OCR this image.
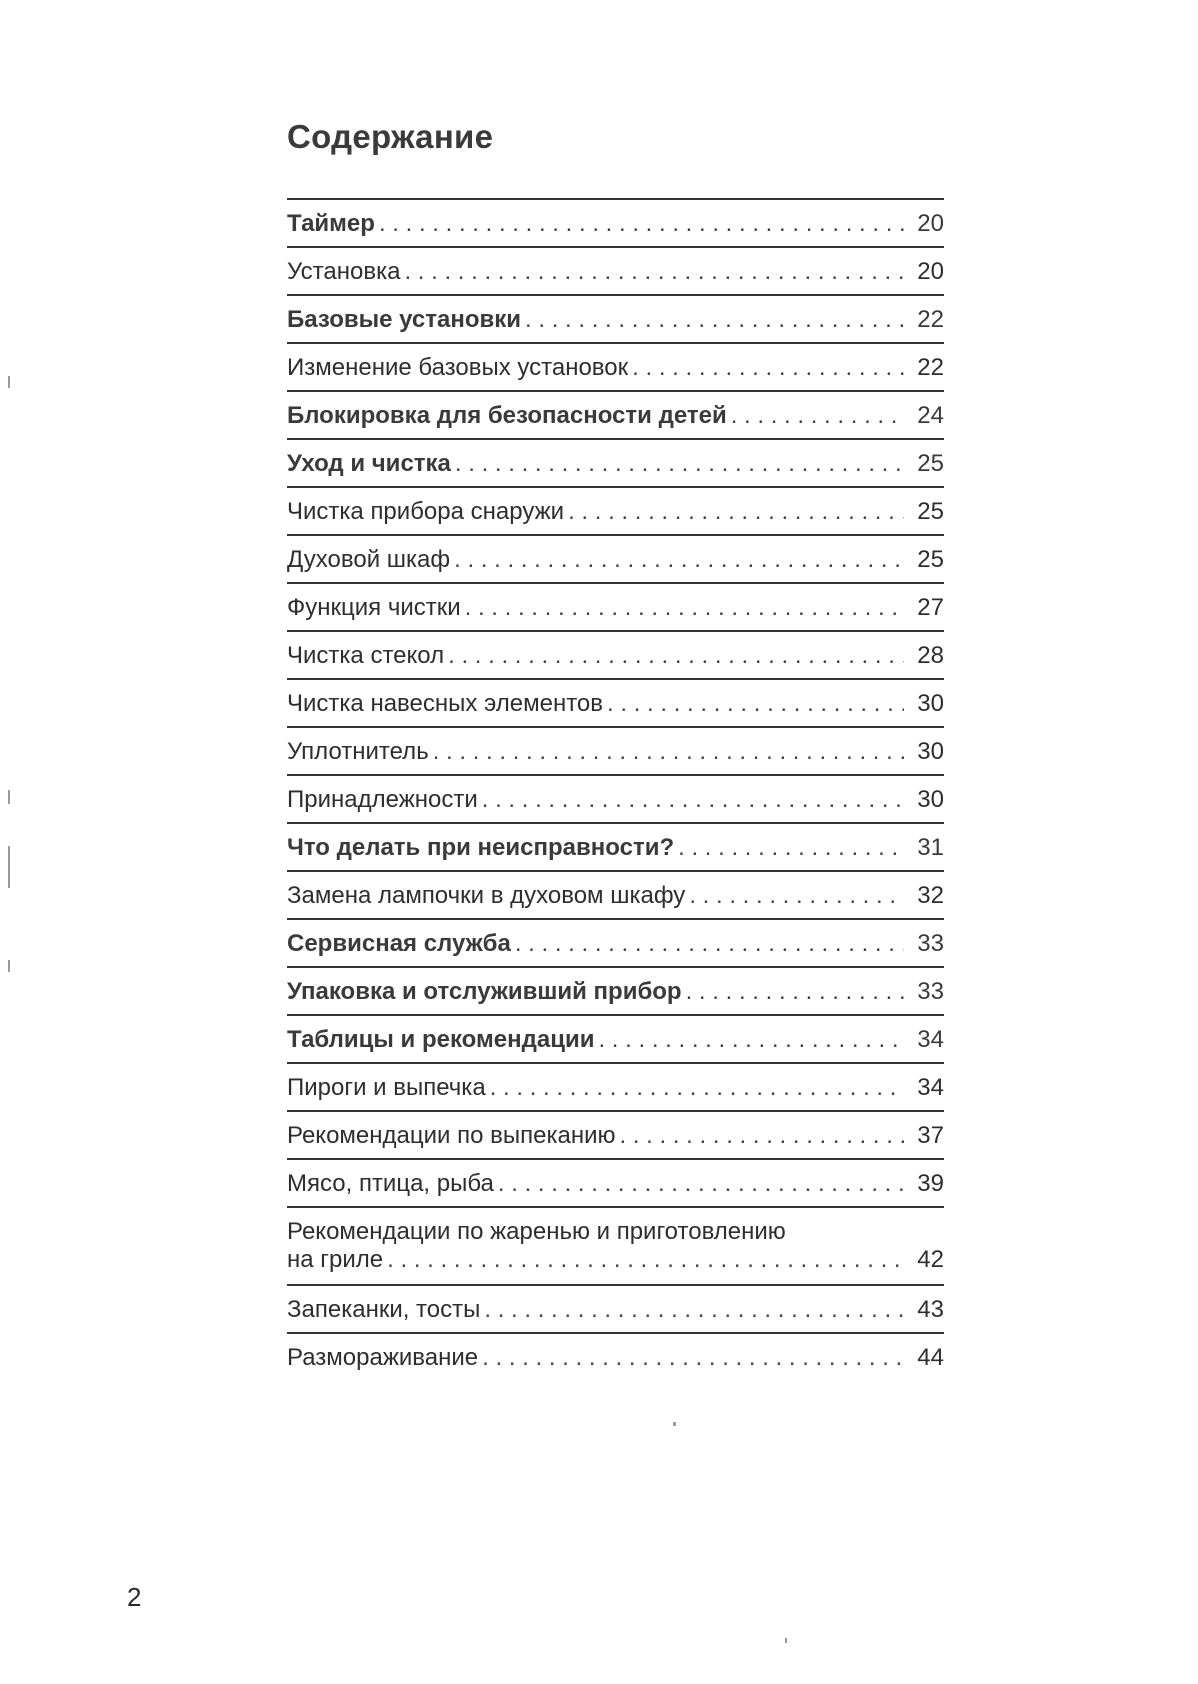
Содержание
Таймер . . .	20
Установка . . .	20
Базовые установки . . .	22
Изменение базовых установок . . .	22
Блокировка для безопасности детей . . .	24
Уход и чистка . . .	25
Чистка прибора снаружи . . .	25
Духовой шкаф . . .	25
Функция чистки . . .	27
Чистка стекол . . .	28
Чистка навесных элементов . . .	30
Уплотнитель . . .	30
Принадлежности . . .	30
Что делать при неисправности? . . .	31
Замена лампочки в духовом шкафу . . .	32
Сервисная служба . . .	33
Упаковка и отслуживший прибор . . .	33
Таблицы и рекомендации . . .	34
Пироги и выпечка . . .	34
Рекомендации по выпеканию . . .	37
Мясо, птица, рыба . . .	39
Рекомендации по жаренью и приготовлению
на гриле . . .	42
Запеканки, тосты . . .	43
Размораживание . . .	44
2
